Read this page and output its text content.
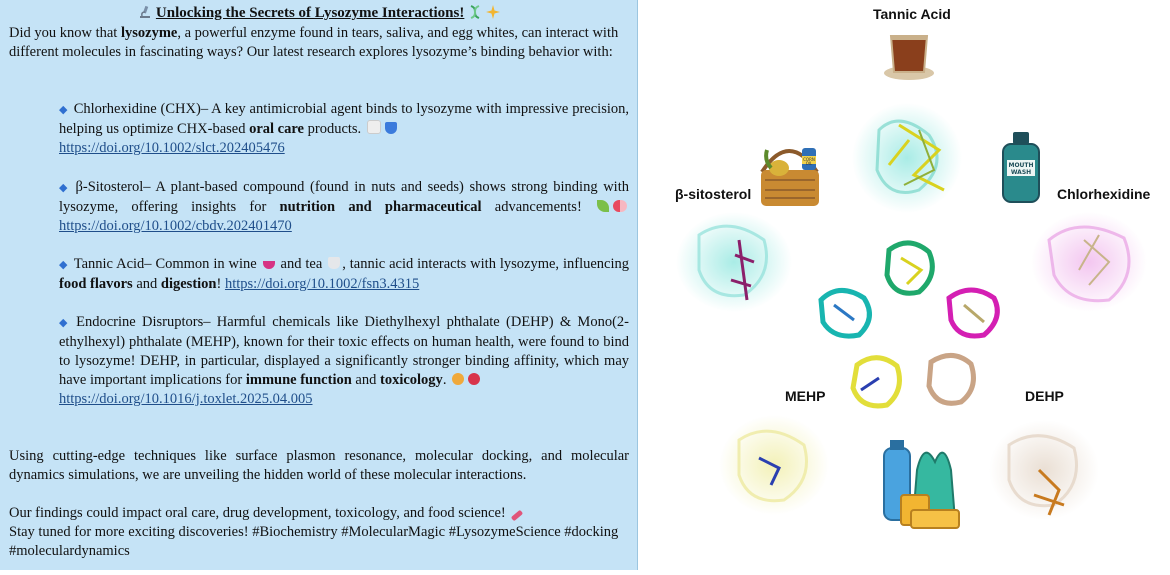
Unlocking the Secrets of Lysozyme Interactions!
Did you know that lysozyme, a powerful enzyme found in tears, saliva, and egg whites, can interact with different molecules in fascinating ways? Our latest research explores lysozyme’s binding behavior with:
◆ Chlorhexidine (CHX)– A key antimicrobial agent binds to lysozyme with impressive precision, helping us optimize CHX-based oral care products.
https://doi.org/10.1002/slct.202405476
◆ β-Sitosterol– A plant-based compound (found in nuts and seeds) shows strong binding with lysozyme, offering insights for nutrition and pharmaceutical advancements!  https://doi.org/10.1002/cbdv.202401470
◆ Tannic Acid– Common in wine  and tea , tannic acid interacts with lysozyme, influencing food flavors and digestion! https://doi.org/10.1002/fsn3.4315
◆ Endocrine Disruptors– Harmful chemicals like Diethylhexyl phthalate (DEHP) & Mono(2-ethylhexyl) phthalate (MEHP), known for their toxic effects on human health, were found to bind to lysozyme! DEHP, in particular, displayed a significantly stronger binding affinity, which may have important implications for immune function and toxicology.
https://doi.org/10.1016/j.toxlet.2025.04.005
Using cutting-edge techniques like surface plasmon resonance, molecular docking, and molecular dynamics simulations, we are unveiling the hidden world of these molecular interactions.
Our findings could impact oral care, drug development, toxicology, and food science!
Stay tuned for more exciting discoveries! #Biochemistry #MolecularMagic #LysozymeScience #docking #moleculardynamics
CORN
OIL	MOUTH
WASH
Tannic Acid
β-sitosterol	Chlorhexidine
MEHP	DEHP
